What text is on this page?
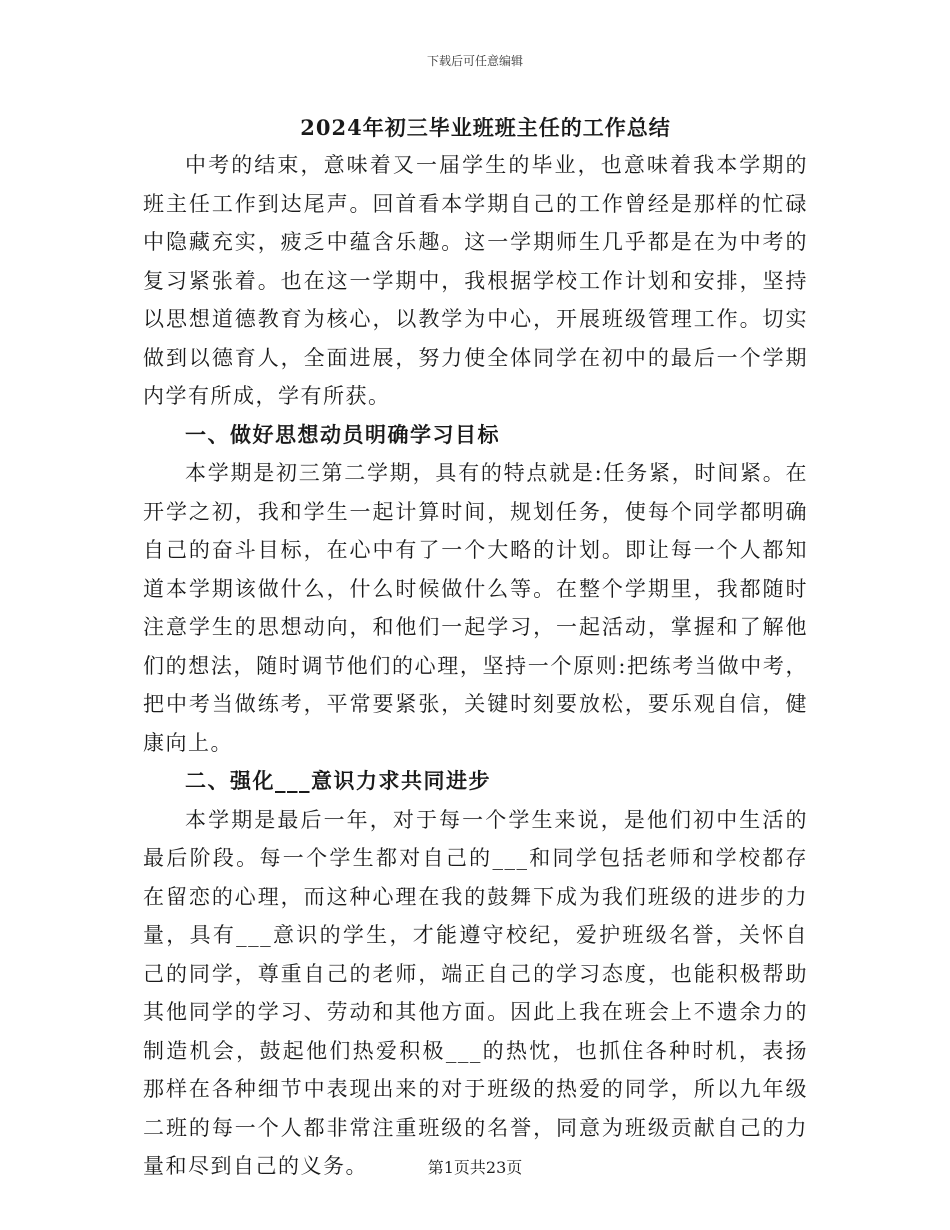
下载后可任意编辑
2024年初三毕业班班主任的工作总结

中考的结束，意味着又一届学生的毕业，也意味着我本学期的班主任工作到达尾声。回首看本学期自己的工作曾经是那样的忙碌中隐藏充实，疲乏中蕴含乐趣。这一学期师生几乎都是在为中考的复习紧张着。也在这一学期中，我根据学校工作计划和安排，坚持以思想道德教育为核心，以教学为中心，开展班级管理工作。切实做到以德育人，全面进展，努力使全体同学在初中的最后一个学期内学有所成，学有所获。

一、做好思想动员明确学习目标

本学期是初三第二学期，具有的特点就是:任务紧，时间紧。在开学之初，我和学生一起计算时间，规划任务，使每个同学都明确自己的奋斗目标，在心中有了一个大略的计划。即让每一个人都知道本学期该做什么，什么时候做什么等。在整个学期里，我都随时注意学生的思想动向，和他们一起学习，一起活动，掌握和了解他们的想法，随时调节他们的心理，坚持一个原则:把练考当做中考，把中考当做练考，平常要紧张，关键时刻要放松，要乐观自信，健康向上。

二、强化___意识力求共同进步

本学期是最后一年，对于每一个学生来说，是他们初中生活的最后阶段。每一个学生都对自己的___和同学包括老师和学校都存在留恋的心理，而这种心理在我的鼓舞下成为我们班级的进步的力量，具有___意识的学生，才能遵守校纪，爱护班级名誉，关怀自己的同学，尊重自己的老师，端正自己的学习态度，也能积极帮助其他同学的学习、劳动和其他方面。因此上我在班会上不遗余力的制造机会，鼓起他们热爱积极___的热忱，也抓住各种时机，表扬那样在各种细节中表现出来的对于班级的热爱的同学，所以九年级二班的每一个人都非常注重班级的名誉，同意为班级贡献自己的力量和尽到自己的义务。	第1页共23页
